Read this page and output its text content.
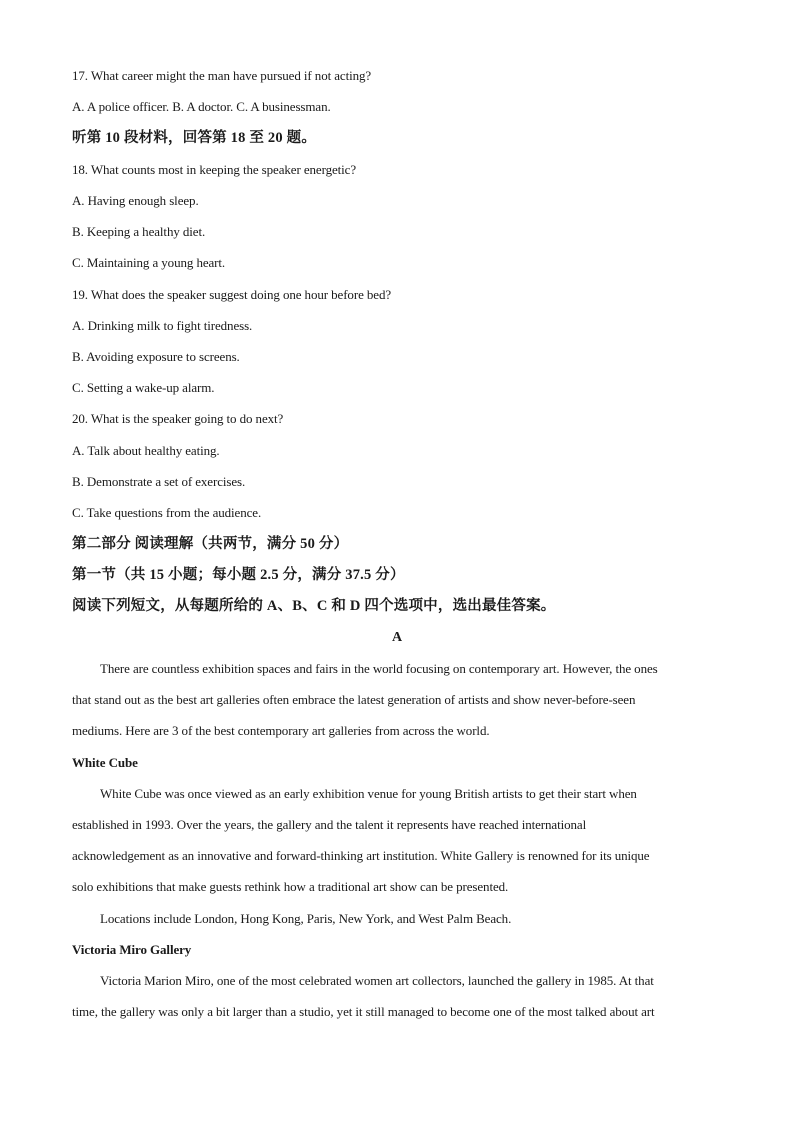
17. What career might the man have pursued if not acting?
A. A police officer. B. A doctor. C. A businessman.
听第 10 段材料，回答第 18 至 20 题。
18. What counts most in keeping the speaker energetic?
A. Having enough sleep.
B. Keeping a healthy diet.
C. Maintaining a young heart.
19. What does the speaker suggest doing one hour before bed?
A. Drinking milk to fight tiredness.
B. Avoiding exposure to screens.
C. Setting a wake-up alarm.
20. What is the speaker going to do next?
A. Talk about healthy eating.
B. Demonstrate a set of exercises.
C. Take questions from the audience.
第二部分 阅读理解（共两节，满分 50 分）
第一节（共 15 小题；每小题 2.5 分，满分 37.5 分）
阅读下列短文，从每题所给的 A、B、C 和 D 四个选项中，选出最佳答案。
A
There are countless exhibition spaces and fairs in the world focusing on contemporary art. However, the ones
that stand out as the best art galleries often embrace the latest generation of artists and show never-before-seen
mediums. Here are 3 of the best contemporary art galleries from across the world.
White Cube
White Cube was once viewed as an early exhibition venue for young British artists to get their start when
established in 1993. Over the years, the gallery and the talent it represents have reached international
acknowledgement as an innovative and forward-thinking art institution. White Gallery is renowned for its unique
solo exhibitions that make guests rethink how a traditional art show can be presented.
Locations include London, Hong Kong, Paris, New York, and West Palm Beach.
Victoria Miro Gallery
Victoria Marion Miro, one of the most celebrated women art collectors, launched the gallery in 1985. At that
time, the gallery was only a bit larger than a studio, yet it still managed to become one of the most talked about art
